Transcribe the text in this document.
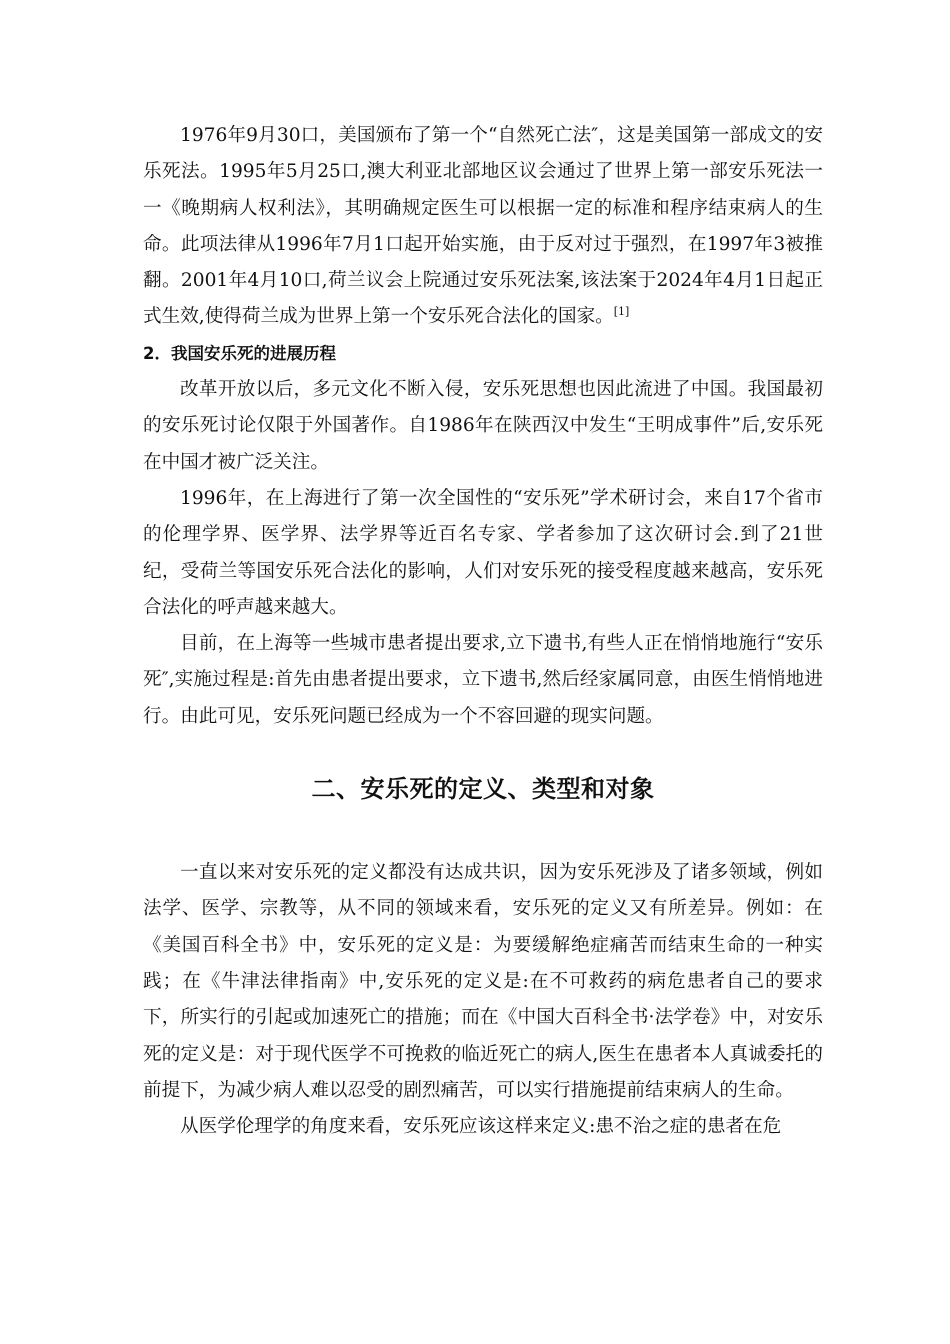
1976年9月30口，美国颁布了第一个“自然死亡法″，这是美国第一部成文的安乐死法。1995年5月25口,澳大利亚北部地区议会通过了世界上第一部安乐死法一一《晚期病人权利法》，其明确规定医生可以根据一定的标准和程序结束病人的生命。此项法律从1996年7月1口起开始实施，由于反对过于强烈，在1997年3被推翻。2001年4月10口,荷兰议会上院通过安乐死法案,该法案于2024年4月1日起正式生效,使得荷兰成为世界上第一个安乐死合法化的国家。[1]

2．我国安乐死的进展历程

改革开放以后，多元文化不断入侵，安乐死思想也因此流进了中国。我国最初的安乐死讨论仅限于外国著作。自1986年在陕西汉中发生“王明成事件”后,安乐死在中国才被广泛关注。

1996年，在上海进行了第一次全国性的“安乐死”学术研讨会，来自17个省市的伦理学界、医学界、法学界等近百名专家、学者参加了这次研讨会.到了21世纪，受荷兰等国安乐死合法化的影响，人们对安乐死的接受程度越来越高，安乐死合法化的呼声越来越大。

目前，在上海等一些城市患者提出要求,立下遗书,有些人正在悄悄地施行“安乐死″,实施过程是:首先由患者提出要求，立下遗书,然后经家属同意，由医生悄悄地进行。由此可见，安乐死问题已经成为一个不容回避的现实问题。

二、安乐死的定义、类型和对象

一直以来对安乐死的定义都没有达成共识，因为安乐死涉及了诸多领域，例如法学、医学、宗教等，从不同的领域来看，安乐死的定义又有所差异。例如：在《美国百科全书》中，安乐死的定义是：为要缓解绝症痛苦而结束生命的一种实践；在《牛津法律指南》中,安乐死的定义是:在不可救药的病危患者自己的要求下，所实行的引起或加速死亡的措施；而在《中国大百科全书·法学卷》中，对安乐死的定义是：对于现代医学不可挽救的临近死亡的病人,医生在患者本人真诚委托的前提下，为减少病人难以忍受的剧烈痛苦，可以实行措施提前结束病人的生命。

从医学伦理学的角度来看，安乐死应该这样来定义:患不治之症的患者在危
